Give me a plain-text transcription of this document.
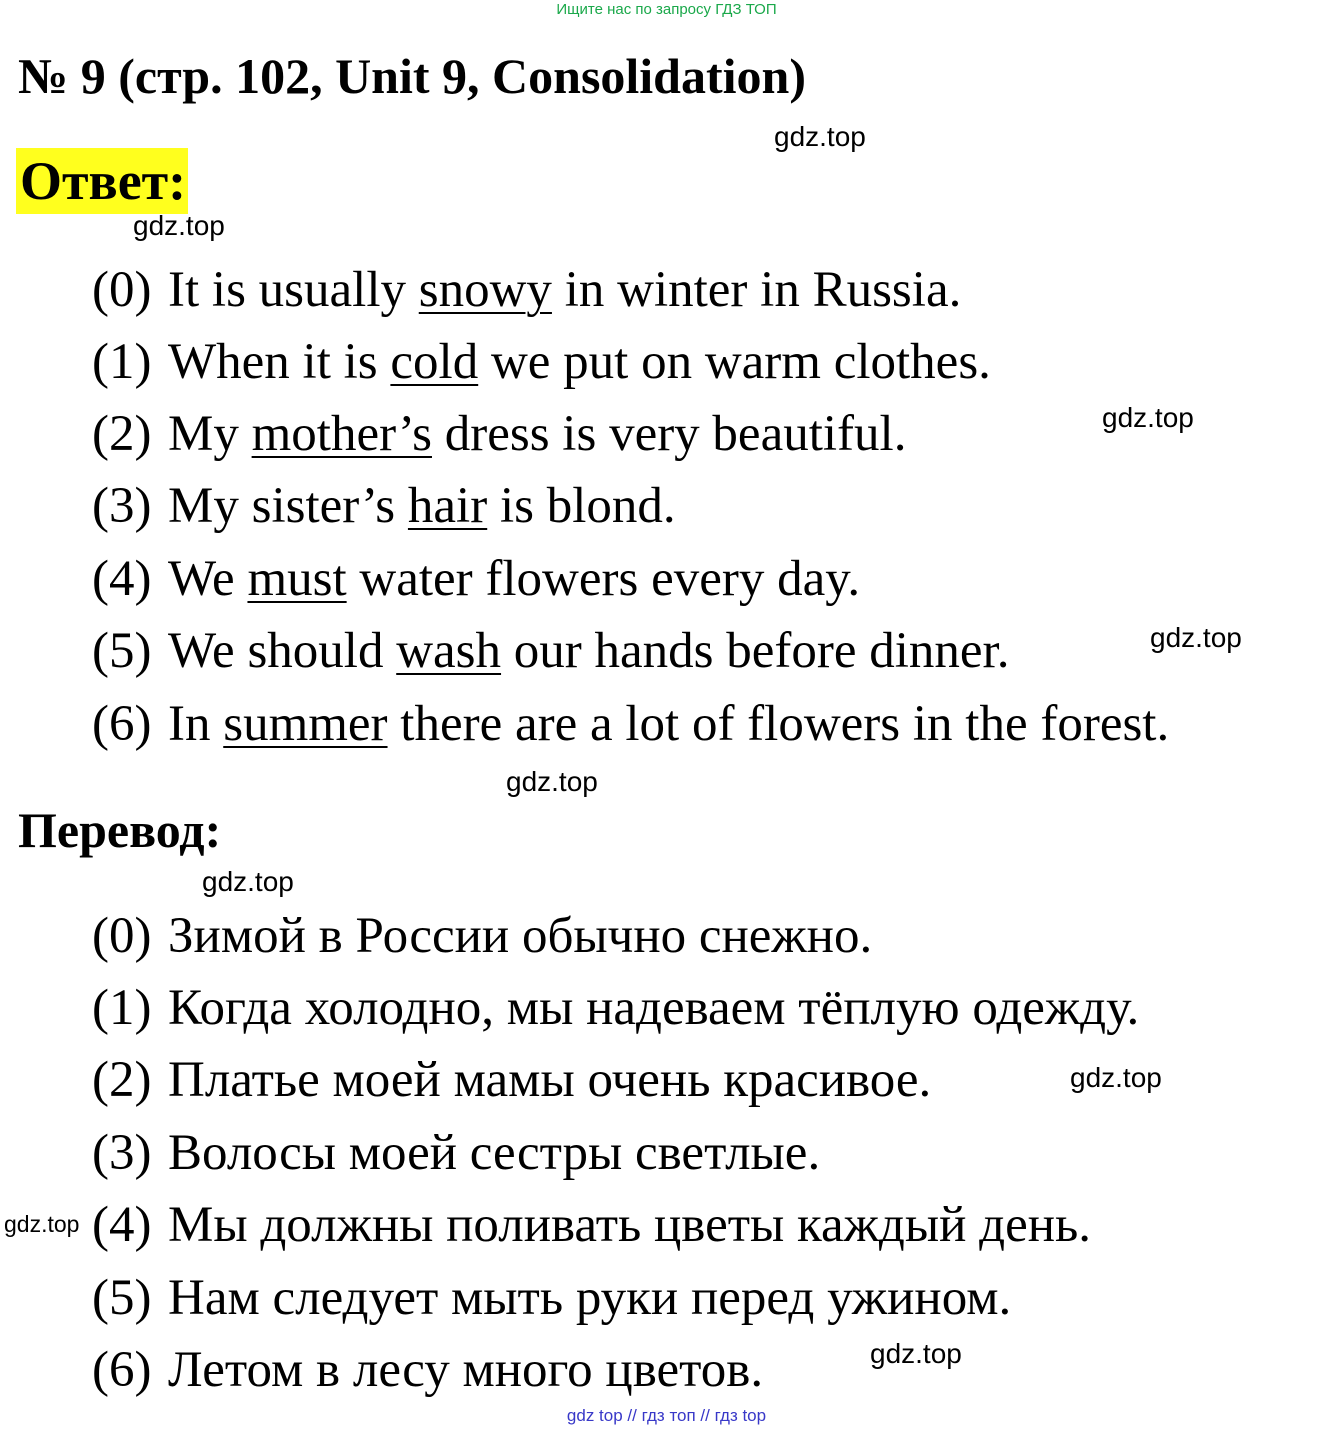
Ищите нас по запросу ГДЗ ТОП
№ 9 (стр. 102, Unit 9, Consolidation)
gdz.top
Ответ:
gdz.top
(0) It is usually snowy in winter in Russia.
(1) When it is cold we put on warm clothes.
(2) My mother’s dress is very beautiful.
(3) My sister’s hair is blond.
(4) We must water flowers every day.
(5) We should wash our hands before dinner.
(6) In summer there are a lot of flowers in the forest.
gdz.top
gdz.top
gdz.top
Перевод:
gdz.top
(0) Зимой в России обычно снежно.
(1) Когда холодно, мы надеваем тёплую одежду.
(2) Платье моей мамы очень красивое.
(3) Волосы моей сестры светлые.
(4) Мы должны поливать цветы каждый день.
(5) Нам следует мыть руки перед ужином.
(6) Летом в лесу много цветов.
gdz.top
gdz.top
gdz.top
gdz top // гдз топ // гдз top
